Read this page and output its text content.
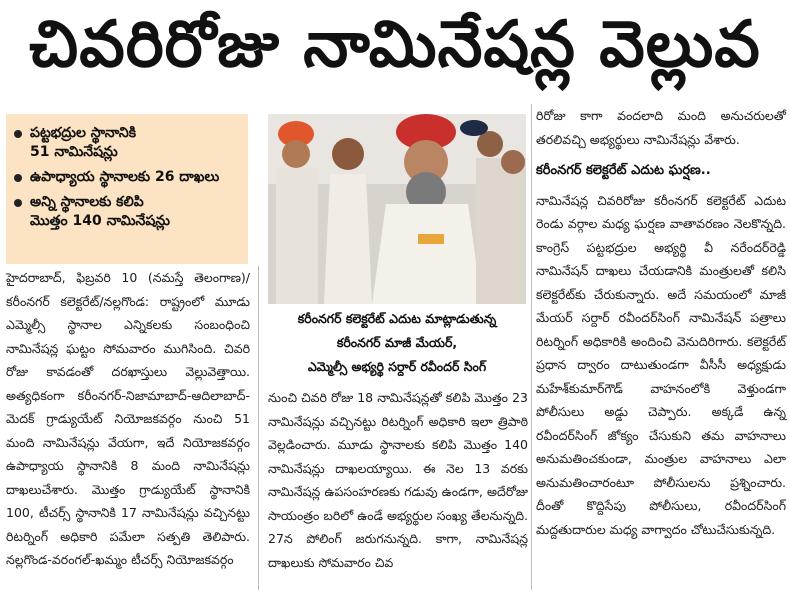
చివరిరోజు నామినేషన్ల వెల్లువ
పట్టభద్రుల స్థానానికి
51 నామినేషన్లు
ఉపాధ్యాయ స్థానాలకు 26 దాఖలు
అన్ని స్థానాలకు కలిపి
మొత్తం 140 నామినేషన్లు

హైదరాబాద్, ఫిబ్రవరి 10 (నమస్తే తెలంగాణ)/కరీంనగర్ కలెక్టరేట్/నల్లగొండ: రాష్ట్రంలో మూడు ఎమ్మెల్సీ స్థానాల ఎన్నికలకు సంబంధించి నామినేషన్ల ఘట్టం సోమవారం ముగిసింది. చివరి రోజు కావడంతో దరఖాస్తులు వెల్లువెత్తాయి. అత్యధికంగా కరీంనగర్-నిజామాబాద్-ఆదిలాబాద్-మెదక్ గ్రాడ్యుయేట్ నియోజకవర్గం నుంచి 51 మంది నామినేషన్లు వేయగా, ఇదే నియోజకవర్గం ఉపాధ్యాయ స్థానానికి 8 మంది నామినేషన్లు దాఖలుచేశారు. మొత్తం గ్రాడ్యుయేట్ స్థానానికి 100, టీచర్స్ స్థానానికి 17 నామినేషన్లు వచ్చినట్టు రిటర్నింగ్ అధికారి పమేలా సత్పతి తెలిపారు. నల్లగొండ-వరంగల్-ఖమ్మం టీచర్స్ నియోజకవర్గం

కరీంనగర్ కలెక్టరేట్ ఎదుట మాట్లాడుతున్న
కరీంనగర్ మాజీ మేయర్,
ఎమ్మెల్సీ అభ్యర్థి సర్దార్ రవీందర్ సింగ్

నుంచి చివరి రోజు 18 నామినేషన్లతో కలిపి మొత్తం 23 నామినేషన్లు వచ్చినట్టు రిటర్నింగ్ అధికారి ఇలా త్రిపాఠి వెల్లడించారు. మూడు స్థానాలకు కలిపి మొత్తం 140 నామినేషన్లు దాఖలయ్యాయి. ఈ నెల 13 వరకు నామినేషన్ల ఉపసంహరణకు గడువు ఉండగా, అదేరోజు సాయంత్రం బరిలో ఉండే అభ్యర్థుల సంఖ్య తేలనున్నది. 27న పోలింగ్ జరుగనున్నది. కాగా, నామినేషన్ల దాఖలుకు సోమవారం చివ

రిరోజు కాగా వందలాది మంది అనుచరులతో తరలివచ్చి అభ్యర్థులు నామినేషన్లు వేశారు.

కరీంనగర్ కలెక్టరేట్ ఎదుట ఘర్షణ..

నామినేషన్ల చివరిరోజు కరీంనగర్ కలెక్టరేట్ ఎదుట రెండు వర్గాల మధ్య ఘర్షణ వాతావరణం నెలకొన్నది. కాంగ్రెస్ పట్టభద్రుల అభ్యర్థి వీ నరేందర్‌రెడ్డి నామినేషన్ దాఖలు చేయడానికి మంత్రులతో కలిసి కలెక్టరేట్‌కు చేరుకున్నారు. అదే సమయంలో మాజీ మేయర్ సర్దార్ రవీందర్‌సింగ్ నామినేషన్ పత్రాలు రిటర్నింగ్ అధికారికి అందించి వెనుదిరిగారు. కలెక్టరేట్ ప్రధాన ద్వారం దాటుతుండగా వీసీసీ అధ్యక్షుడు మహేశ్‌కుమార్‌గౌడ్ వాహనంలోకి వెళ్తుండగా పోలీసులు అడ్డు చెప్పారు. అక్కడే ఉన్న రవీందర్‌సింగ్ జోక్యం చేసుకుని తమ వాహనాలు అనుమతించకుండా, మంత్రుల వాహనాలు ఎలా అనుమతించారంటూ పోలీసులను ప్రశ్నించారు. దీంతో కొద్దిసేపు పోలీసులు, రవీందర్‌సింగ్ మద్దతుదారుల మధ్య వాగ్వాదం చోటుచేసుకున్నది.
